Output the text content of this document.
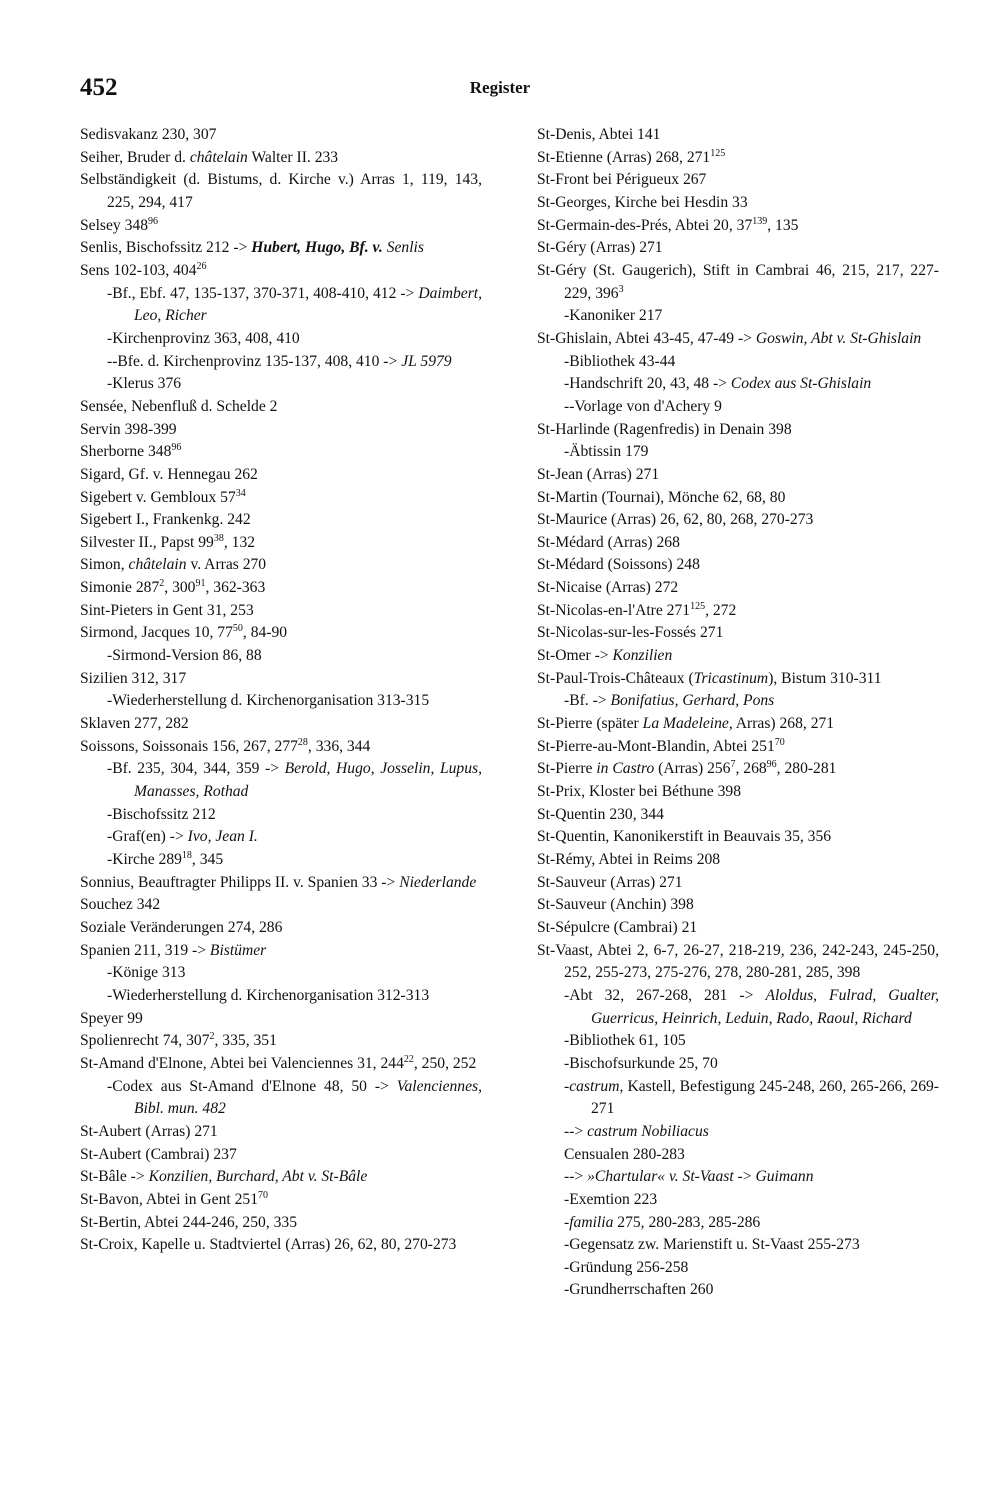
452	Register
Sedisvakanz 230, 307
Seiher, Bruder d. châtelain Walter II. 233
Selbständigkeit (d. Bistums, d. Kirche v.) Arras 1, 119, 143, 225, 294, 417
Selsey $348^{96}$
Senlis, Bischofssitz 212 -> Hubert, Hugo, Bf. v. Senlis
Sens 102-103, $404^{26}$
-Bf., Ebf. 47, 135-137, 370-371, 408-410, 412 -> Daimbert, Leo, Richer
-Kirchenprovinz 363, 408, 410
--Bfe. d. Kirchenprovinz 135-137, 408, 410 -> JL 5979
-Klerus 376
Sensée, Nebenfluß d. Schelde 2
Servin 398-399
Sherborne $348^{96}$
Sigard, Gf. v. Hennegau 262
Sigebert v. Gembloux $57^{34}$
Sigebert I., Frankenkg. 242
Silvester II., Papst $99^{38}$, 132
Simon, châtelain v. Arras 270
Simonie $287^2$, $300^{91}$, 362-363
Sint-Pieters in Gent 31, 253
Sirmond, Jacques 10, $77^{50}$, 84-90
-Sirmond-Version 86, 88
Sizilien 312, 317
-Wiederherstellung d. Kirchenorganisation 313-315
Sklaven 277, 282
Soissons, Soissonais 156, 267, $277^{28}$, 336, 344
-Bf. 235, 304, 344, 359 -> Berold, Hugo, Josselin, Lupus, Manasses, Rothad
-Bischofssitz 212
-Graf(en) -> Ivo, Jean I.
-Kirche $289^{18}$, 345
Sonnius, Beauftragter Philipps II. v. Spanien 33 -> Niederlande
Souchez 342
Soziale Veränderungen 274, 286
Spanien 211, 319 -> Bistümer
-Könige 313
-Wiederherstellung d. Kirchenorganisation 312-313
Speyer 99
Spolienrecht 74, $307^2$, 335, 351
St-Amand d'Elnone, Abtei bei Valenciennes 31, $244^{22}$, 250, 252
-Codex aus St-Amand d'Elnone 48, 50 -> Valenciennes, Bibl. mun. 482
St-Aubert (Arras) 271
St-Aubert (Cambrai) 237
St-Bâle -> Konzilien, Burchard, Abt v. St-Bâle
St-Bavon, Abtei in Gent $251^{70}$
St-Bertin, Abtei 244-246, 250, 335
St-Croix, Kapelle u. Stadtviertel (Arras) 26, 62, 80, 270-273
St-Denis, Abtei 141
St-Etienne (Arras) 268, $271^{125}$
St-Front bei Périgueux 267
St-Georges, Kirche bei Hesdin 33
St-Germain-des-Prés, Abtei 20, $37^{139}$, 135
St-Géry (Arras) 271
St-Géry (St. Gaugerich), Stift in Cambrai 46, 215, 217, 227-229, $396^3$
-Kanoniker 217
St-Ghislain, Abtei 43-45, 47-49 -> Goswin, Abt v. St-Ghislain
-Bibliothek 43-44
-Handschrift 20, 43, 48 -> Codex aus St-Ghislain
--Vorlage von d'Achery 9
St-Harlinde (Ragenfredis) in Denain 398
-Äbtissin 179
St-Jean (Arras) 271
St-Martin (Tournai), Mönche 62, 68, 80
St-Maurice (Arras) 26, 62, 80, 268, 270-273
St-Médard (Arras) 268
St-Médard (Soissons) 248
St-Nicaise (Arras) 272
St-Nicolas-en-l'Atre $271^{125}$, 272
St-Nicolas-sur-les-Fossés 271
St-Omer -> Konzilien
St-Paul-Trois-Châteaux (Tricastinum), Bistum 310-311
-Bf. -> Bonifatius, Gerhard, Pons
St-Pierre (später La Madeleine, Arras) 268, 271
St-Pierre-au-Mont-Blandin, Abtei $251^{70}$
St-Pierre in Castro (Arras) $256^7$, $268^{96}$, 280-281
St-Prix, Kloster bei Béthune 398
St-Quentin 230, 344
St-Quentin, Kanonikerstift in Beauvais 35, 356
St-Rémy, Abtei in Reims 208
St-Sauveur (Arras) 271
St-Sauveur (Anchin) 398
St-Sépulcre (Cambrai) 21
St-Vaast, Abtei 2, 6-7, 26-27, 218-219, 236, 242-243, 245-250, 252, 255-273, 275-276, 278, 280-281, 285, 398
-Abt 32, 267-268, 281 -> Aloldus, Fulrad, Gualter, Guerricus, Heinrich, Leduin, Rado, Raoul, Richard
-Bibliothek 61, 105
-Bischofsurkunde 25, 70
-castrum, Kastell, Befestigung 245-248, 260, 265-266, 269-271
--> castrum Nobiliacus
Censualen 280-283
--> »Chartular« v. St-Vaast -> Guimann
-Exemtion 223
-familia 275, 280-283, 285-286
-Gegensatz zw. Marienstift u. St-Vaast 255-273
-Gründung 256-258
-Grundherrschaften 260
